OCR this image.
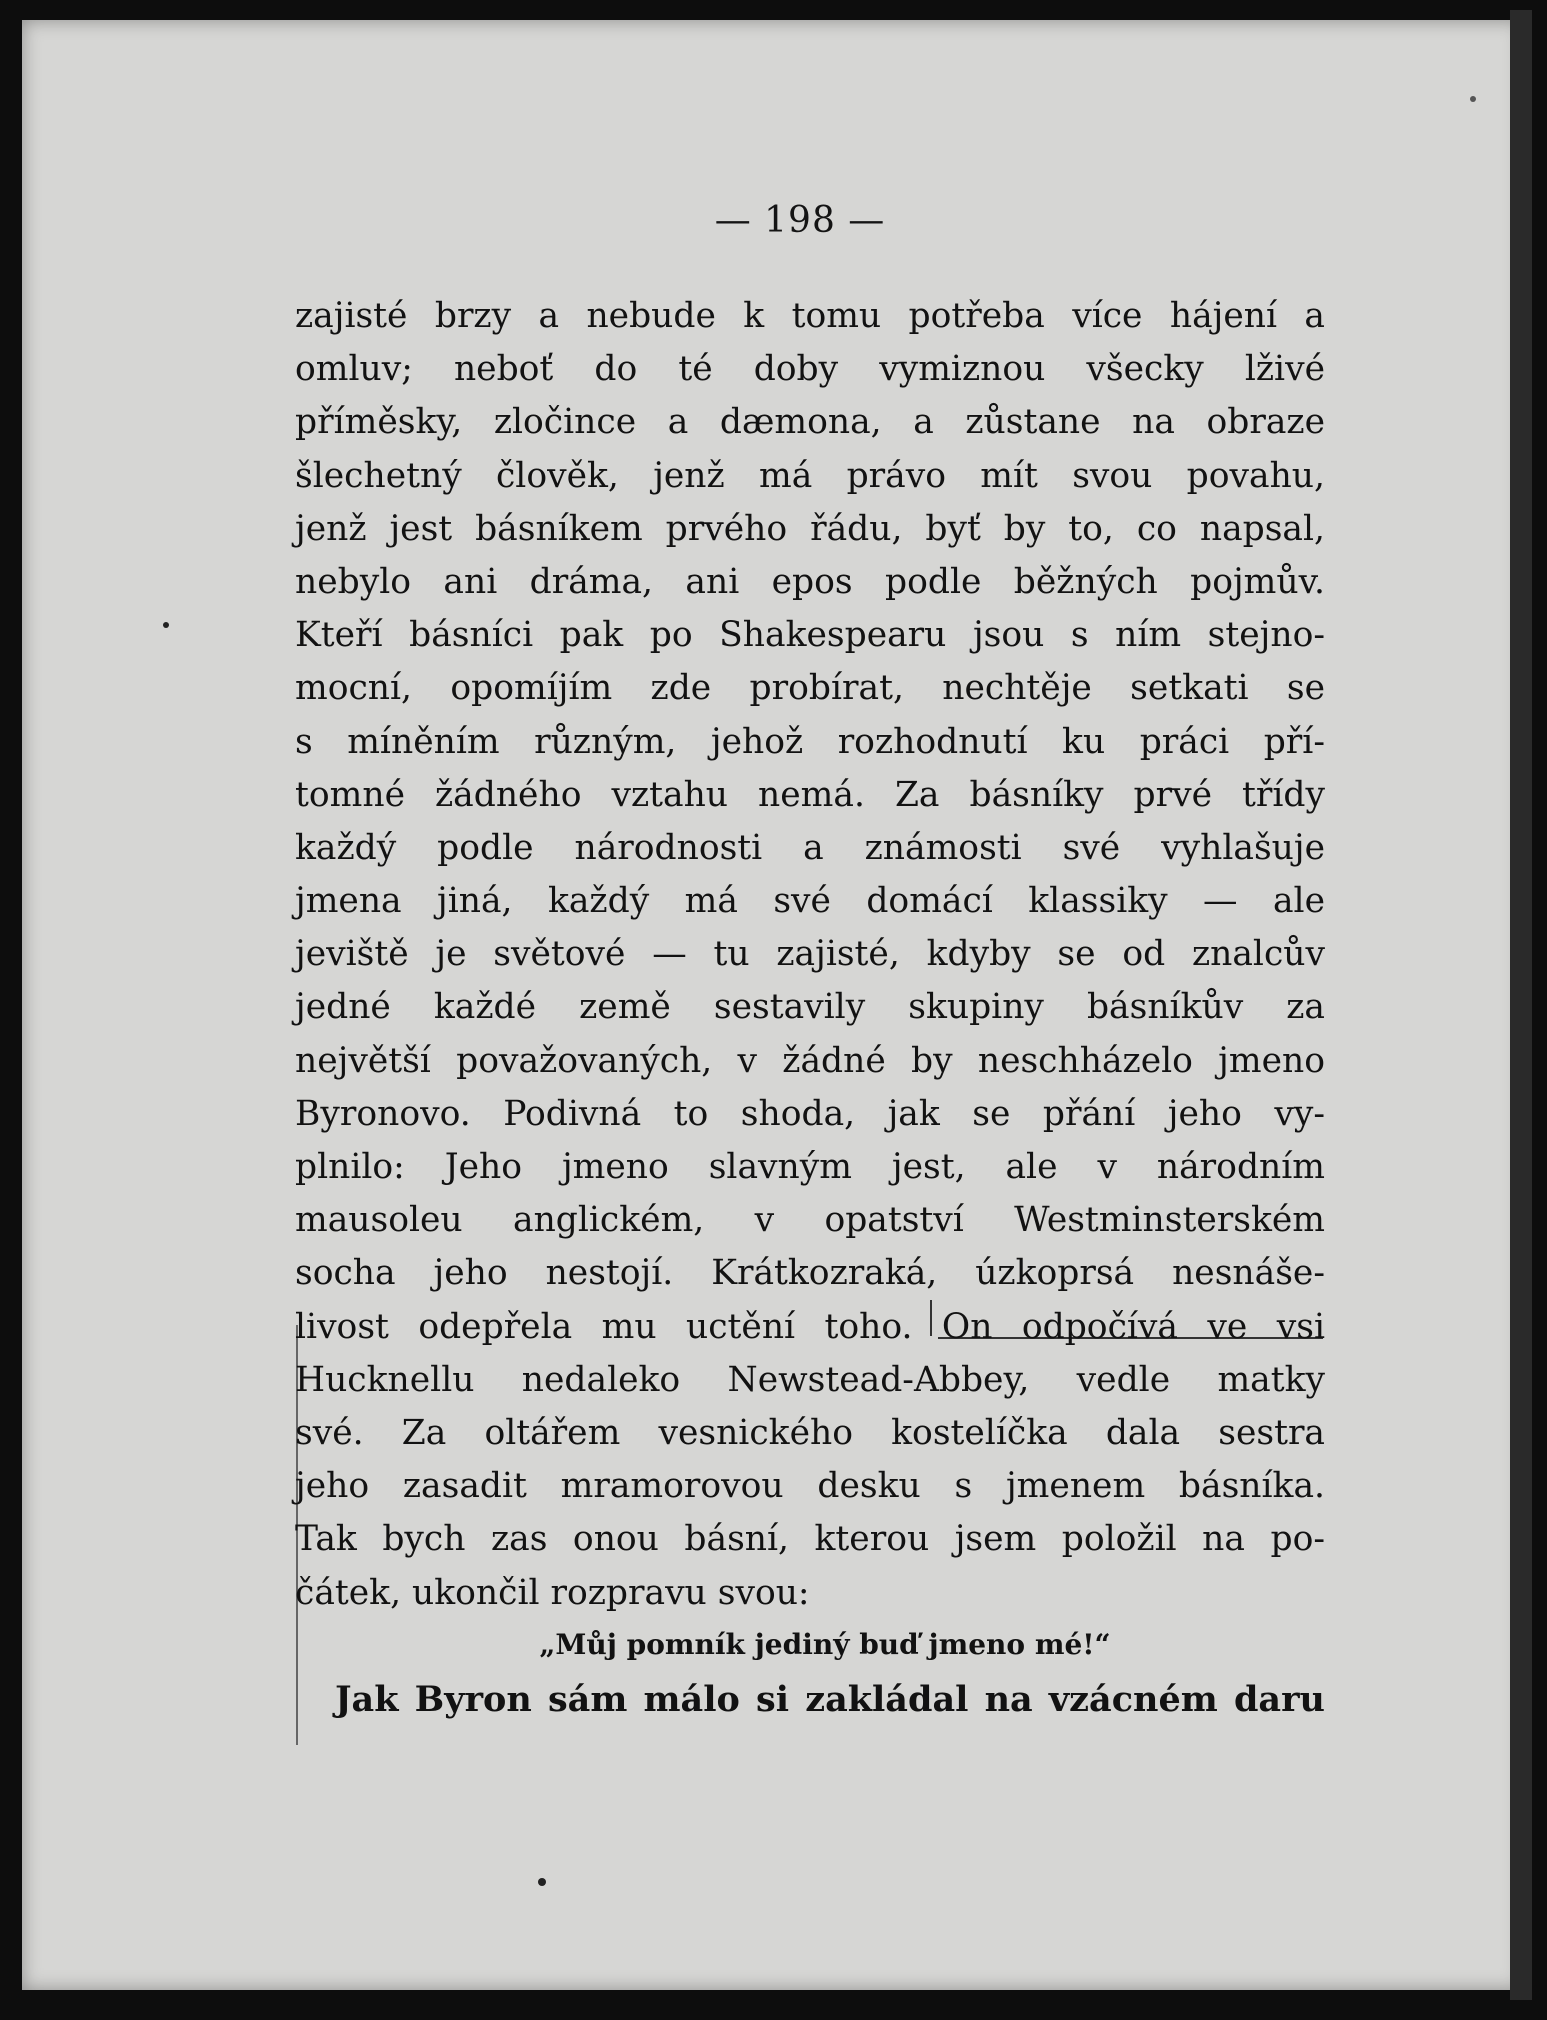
— 198 —
zajisté brzy a nebude k tomu potřeba více hájení a
omluv; neboť do té doby vymiznou všecky lživé
příměsky, zločince a dæmona, a zůstane na obraze
šlechetný člověk, jenž má právo mít svou povahu,
jenž jest básníkem prvého řádu, byť by to, co napsal,
nebylo ani dráma, ani epos podle běžných pojmův.
Kteří básníci pak po Shakespearu jsou s ním stejno-
mocní, opomíjím zde probírat, nechtěje setkati se
s míněním různým, jehož rozhodnutí ku práci pří-
tomné žádného vztahu nemá. Za básníky prvé třídy
každý podle národnosti a známosti své vyhlašuje
jmena jiná, každý má své domácí klassiky — ale
jeviště je světové — tu zajisté, kdyby se od znalcův
jedné každé země sestavily skupiny básníkův za
největší považovaných, v žádné by neschházelo jmeno
Byronovo. Podivná to shoda, jak se přání jeho vy-
plnilo: Jeho jmeno slavným jest, ale v národním
mausoleu anglickém, v opatství Westminsterském
socha jeho nestojí. Krátkozraká, úzkoprsá nesnáše-
livost odepřela mu uctění toho. On odpočívá ve vsi
Hucknellu nedaleko Newstead-Abbey, vedle matky
své. Za oltářem vesnického kostelíčka dala sestra
jeho zasadit mramorovou desku s jmenem básníka.
Tak bych zas onou básní, kterou jsem položil na po-
čátek, ukončil rozpravu svou:
„Můj pomník jediný buď jmeno mé!“
Jak Byron sám málo si zakládal na vzácném daru
